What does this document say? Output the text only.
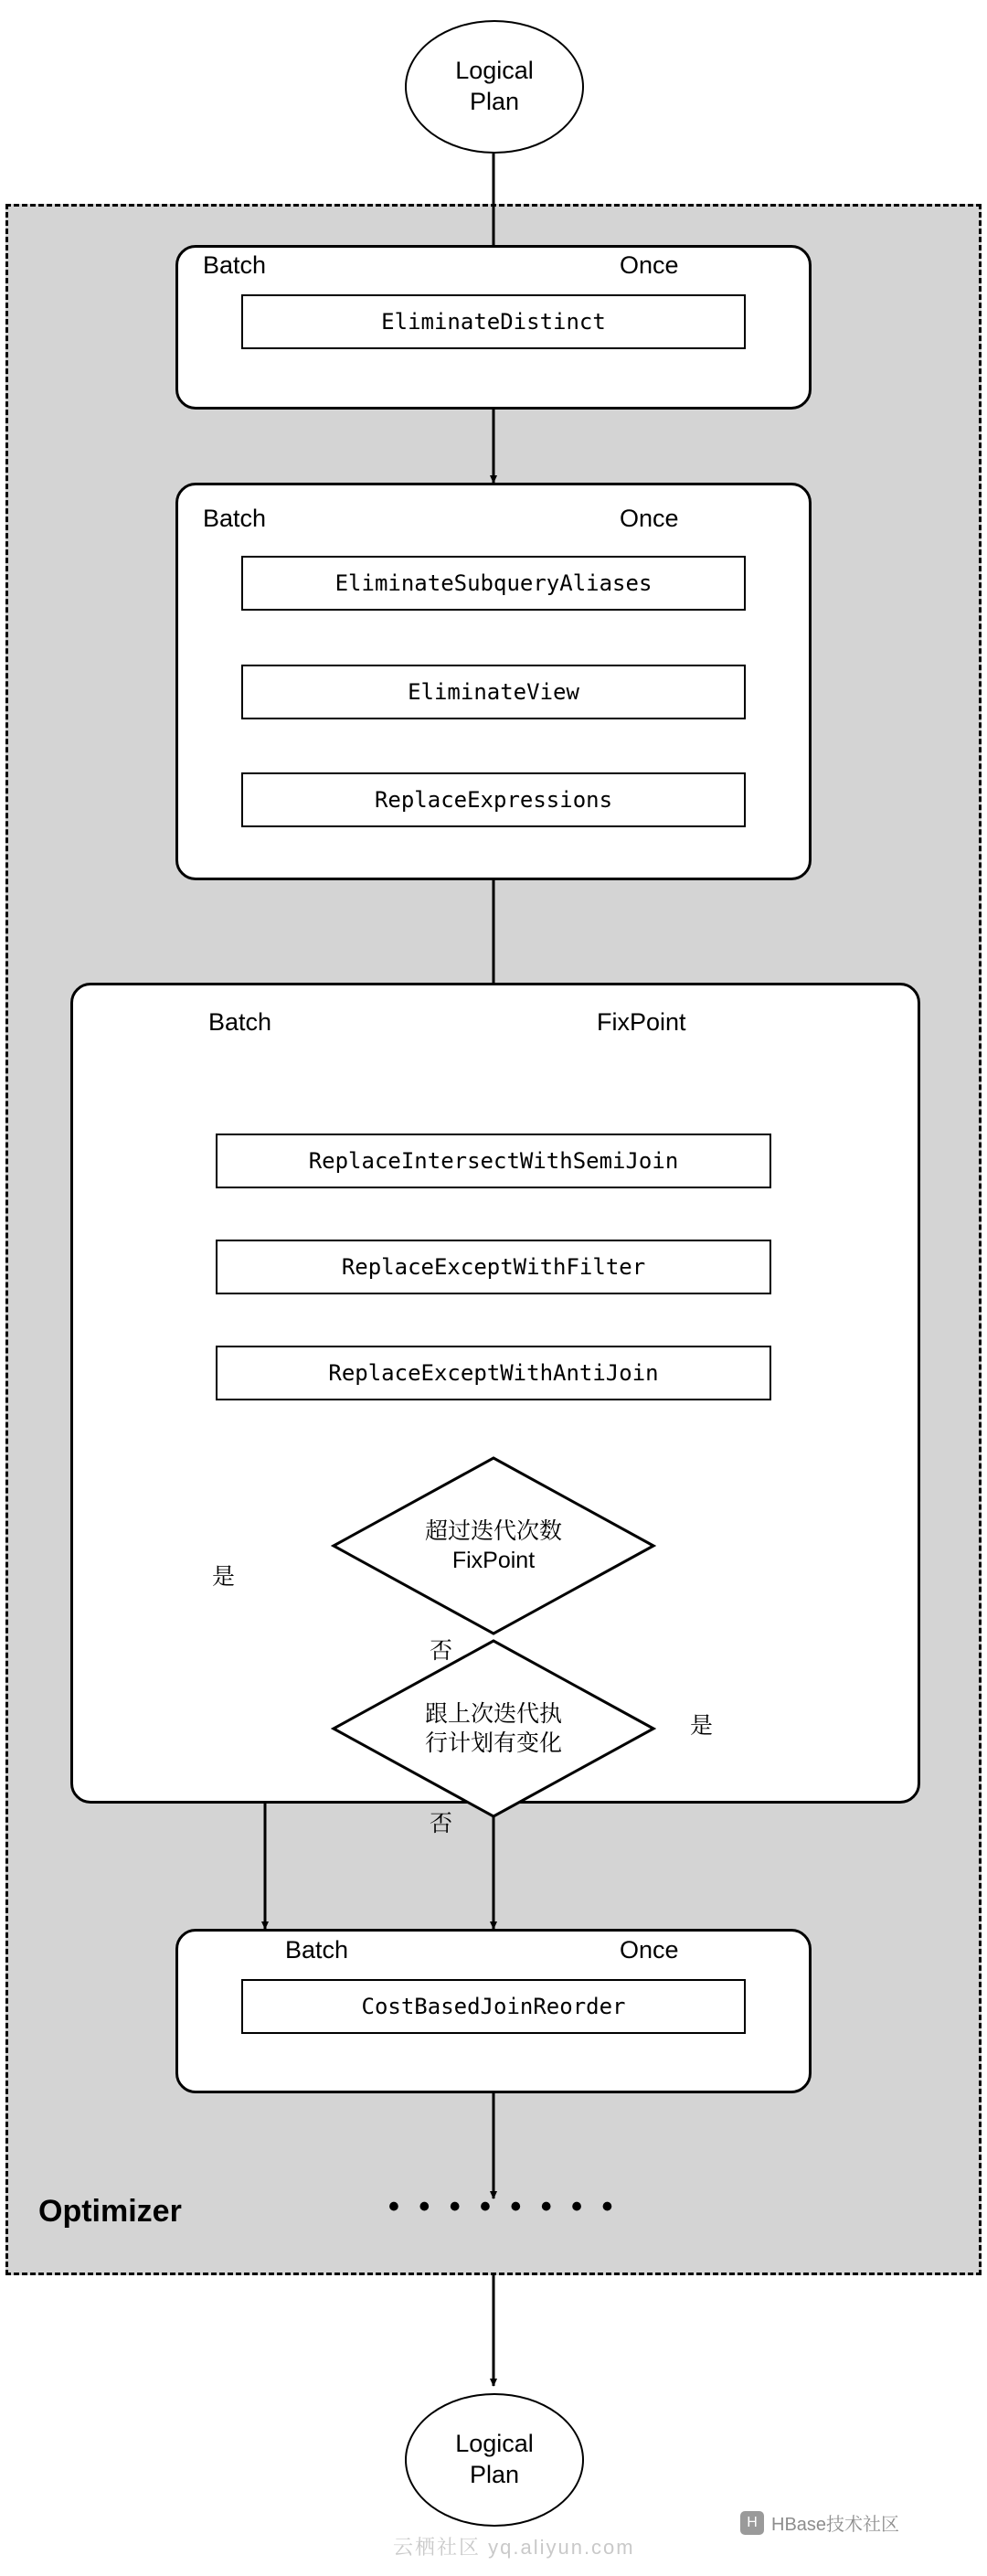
Logical
Plan
Batch	Once
EliminateDistinct
Batch	Once
EliminateSubqueryAliases
EliminateView
ReplaceExpressions
Batch	FixPoint
ReplaceIntersectWithSemiJoin
ReplaceExceptWithFilter
ReplaceExceptWithAntiJoin
超过迭代次数
FixPoint
是
否
跟上次迭代执
行计划有变化
是
否
Batch	Once
CostBasedJoinReorder
Optimizer	• • • • • • • •
Logical
Plan
云栖社区 yq.aliyun.com
H HBase技术社区
